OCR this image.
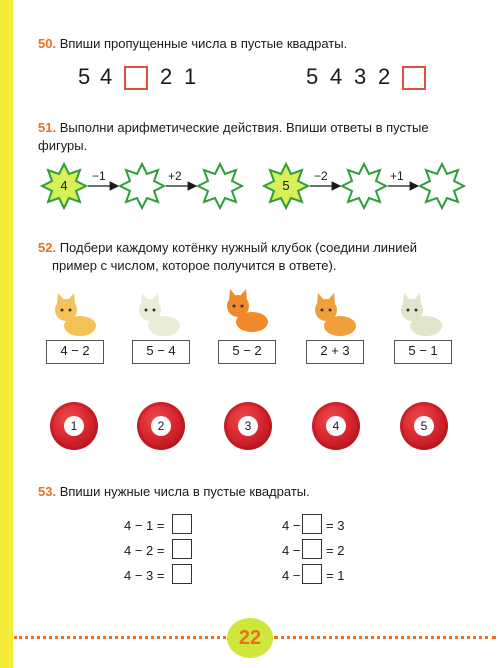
50. Впиши пропущенные числа в пустые квадраты.
5 4 2 1	5 4 3 2
51. Выполни арифметические действия. Впиши ответы в пустые
фигуры.
4
−1	+2
5
−2	+1
52. Подбери каждому котёнку нужный клубок (соедини линией
пример с числом, которое получится в ответе).
4 − 2	5 − 4	5 − 2	2 + 3	5 − 1
1	2	3	4	5
53. Впиши нужные числа в пустые квадраты.
4 − 1 =
4 − 2 =
4 − 3 =
4 − = 3
4 − = 2
4 − = 1
22
